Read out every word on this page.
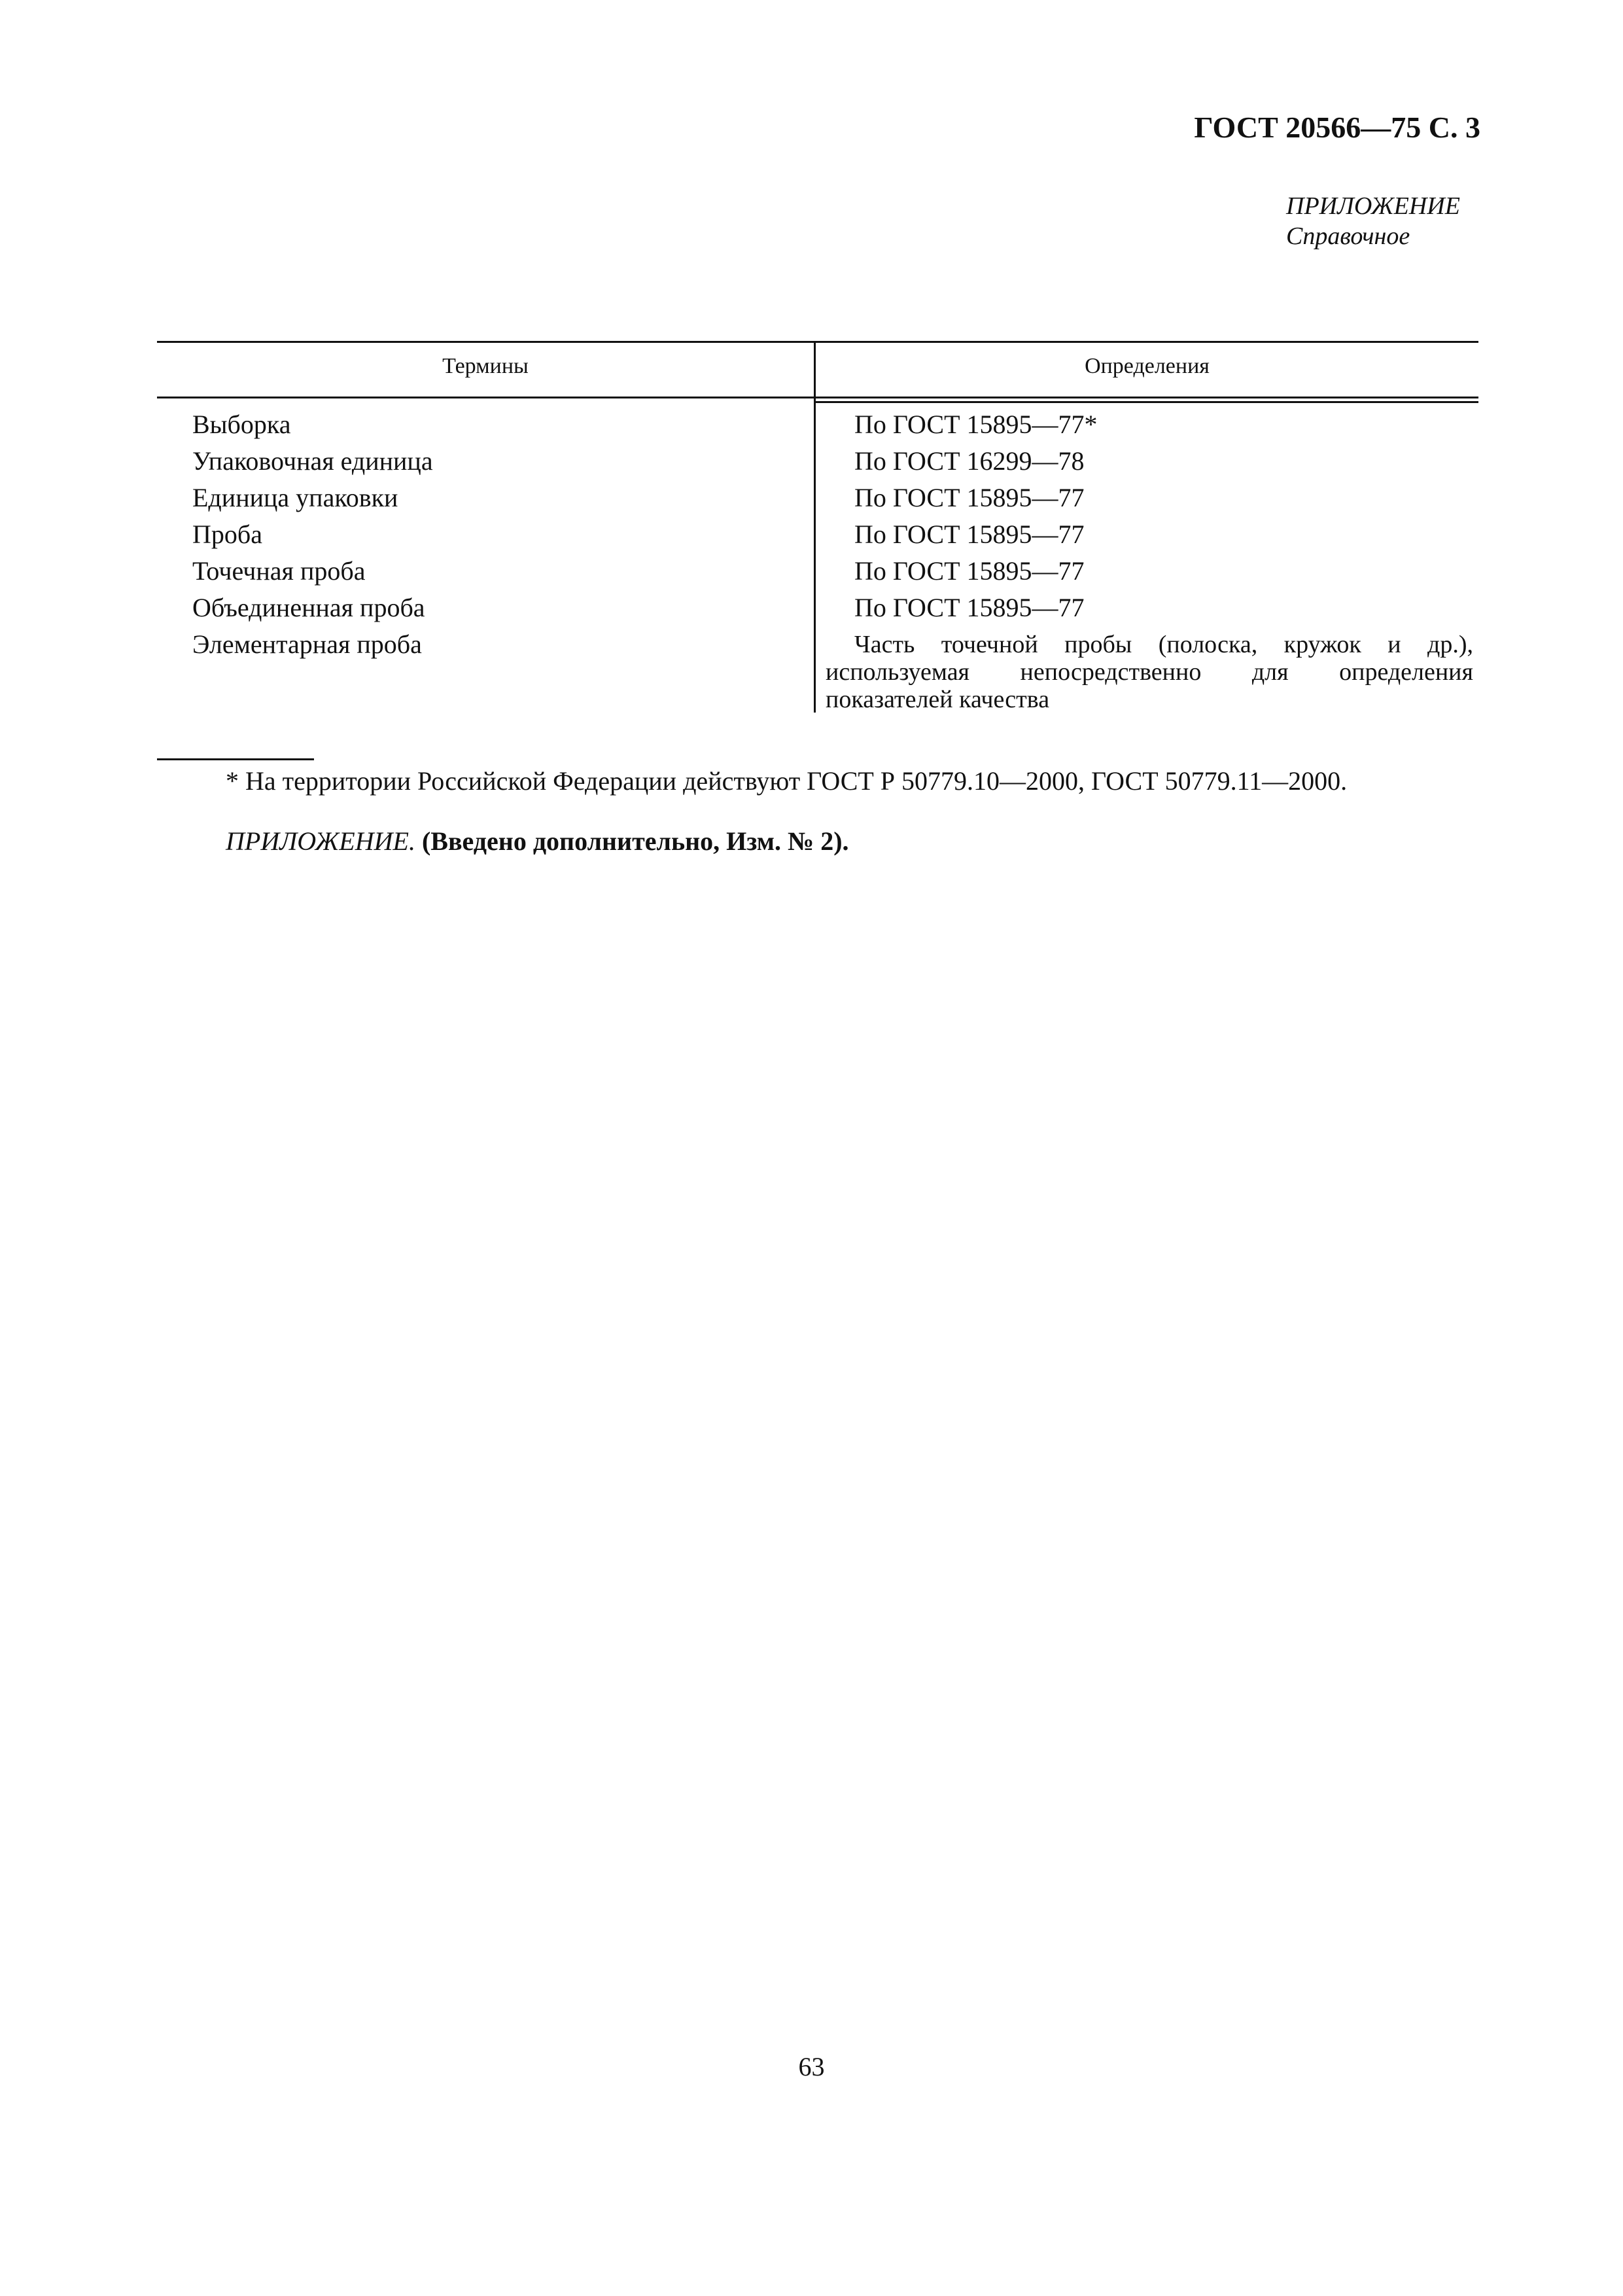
ГОСТ 20566—75 С. 3
ПРИЛОЖЕНИЕ
Справочное
Термины	Определения
Выборка	По ГОСТ 15895—77*
Упаковочная единица	По ГОСТ 16299—78
Единица упаковки	По ГОСТ 15895—77
Проба	По ГОСТ 15895—77
Точечная проба	По ГОСТ 15895—77
Объединенная проба	По ГОСТ 15895—77
Элементарная проба	Часть точечной пробы (полоска, кружок и др.), используемая непосредственно для определения показателей качества
* На территории Российской Федерации действуют ГОСТ Р 50779.10—2000, ГОСТ 50779.11—2000.
ПРИЛОЖЕНИЕ. (Введено дополнительно, Изм. № 2).
63
